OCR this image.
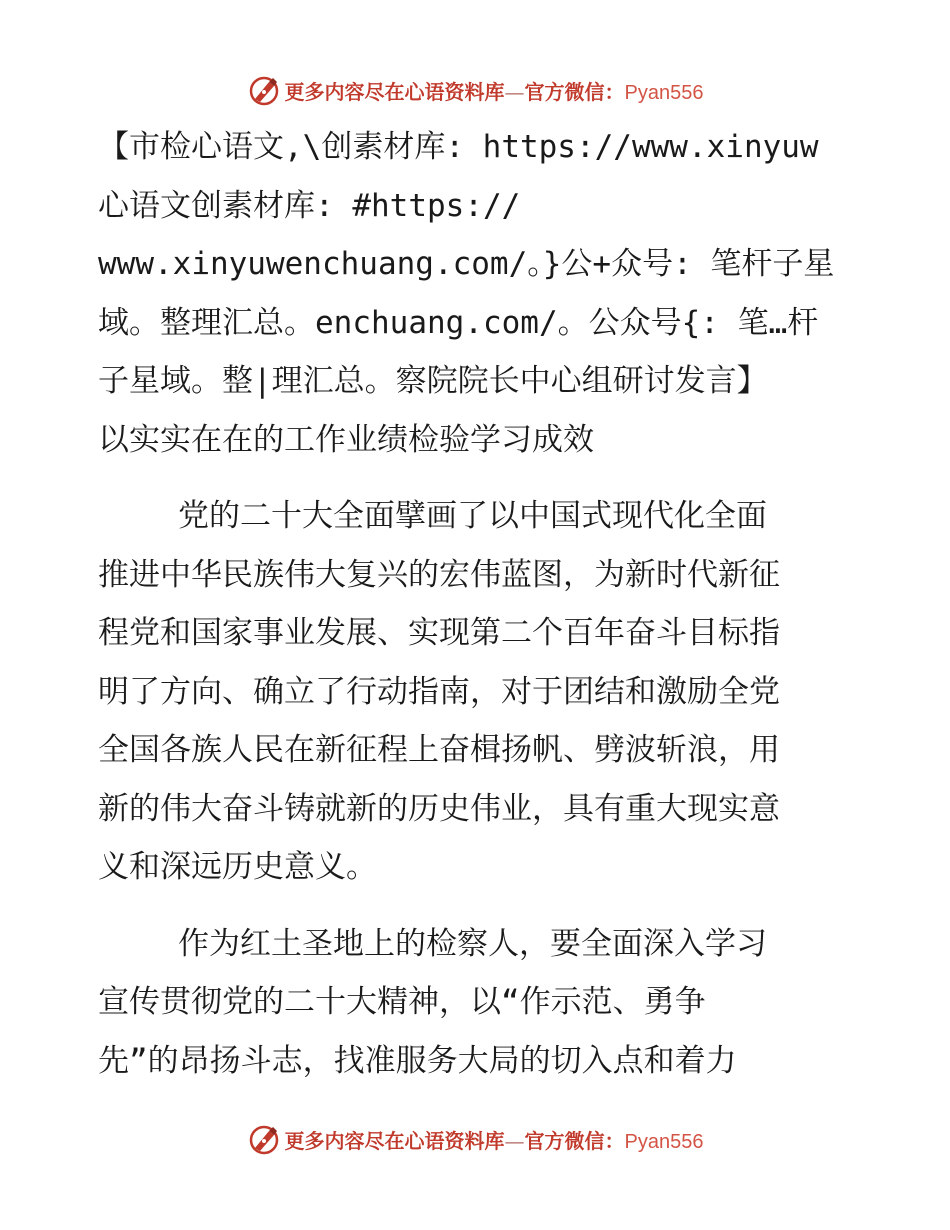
更多内容尽在心语资料库—官方微信：Pyan556
【市检心语文,\创素材库: https://www.xinyuw
心语文创素材库: #https://
www.xinyuwenchuang.com/。}公+众号: 笔杆子星
域。整理汇总。enchuang.com/。公众号{: 笔…杆
子星域。整|理汇总。察院院长中心组研讨发言】
以实实在在的工作业绩检验学习成效
党的二十大全面擘画了以中国式现代化全面
推进中华民族伟大复兴的宏伟蓝图，为新时代新征
程党和国家事业发展、实现第二个百年奋斗目标指
明了方向、确立了行动指南，对于团结和激励全党
全国各族人民在新征程上奋楫扬帆、劈波斩浪，用
新的伟大奋斗铸就新的历史伟业，具有重大现实意
义和深远历史意义。
作为红土圣地上的检察人，要全面深入学习
宣传贯彻党的二十大精神，以“作示范、勇争
先”的昂扬斗志，找准服务大局的切入点和着力
更多内容尽在心语资料库—官方微信：Pyan556
